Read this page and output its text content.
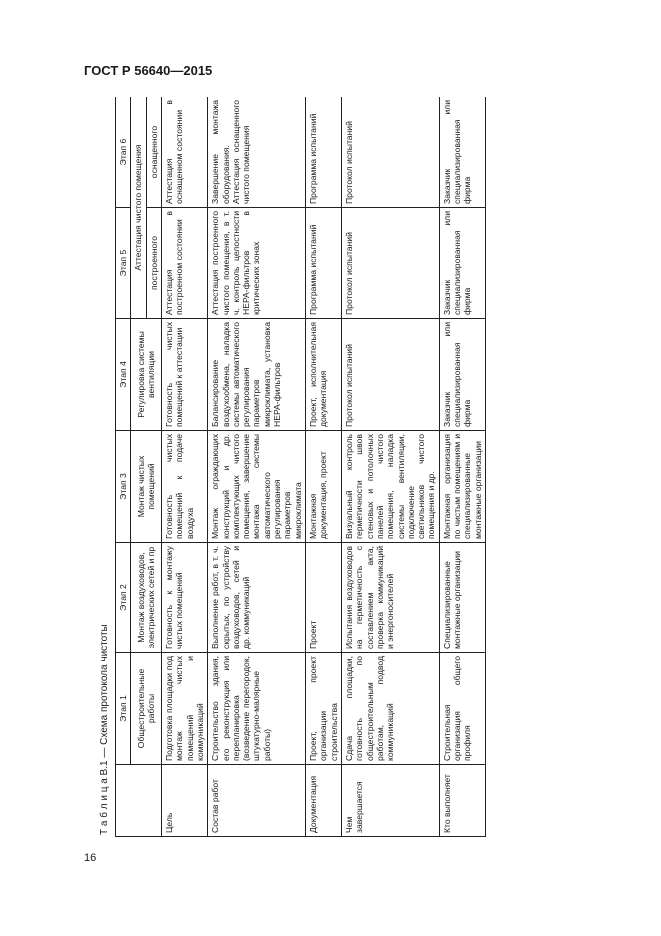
ГОСТ Р 56640—2015
Т а б л и ц а В.1 — Схема протокола чистоты
	Этап 1	Этап 2	Этап 3	Этап 4	Этап 5	Этап 6
	Общестроительные работы	Монтаж воздуховодов, электрических сетей и пр	Монтаж чистых помещений	Регулировка системы вентиляции	Аттестация чистого помещения	
					построенного	оснащенного
Цель	Подготовка площадки под монтаж чистых помещений и коммуникаций	Готовность к монтажу чистых помещений	Готовность чистых помещений к подаче воздуха	Готовность чистых помещений к аттестации	Аттестация в построенном состоянии	Аттестация в оснащенном состоянии
Состав работ	Строительство здания, его реконструкция или перепланировка (возведение перегородок, штукатурно-малярные работы)	Выполнение работ, в т. ч. скрытых, по устройству воздуховодов, сетей и др. коммуникаций	Монтаж ограждающих конструкций и др. комплектующих чистого помещения, завершение монтажа системы автоматического регулирования параметров микроклимата	Балансирование воздухообмена, наладка системы автоматического регулирования параметров микроклимата, установка HEPA-фильтров	Аттестация построенного чистого помещения, в т. ч. контроль целостности HEPA-фильтров в критических зонах	Завершение монтажа оборудования. Аттестация оснащенного чистого помещения
Документация	Проект, проект организации строительства	Проект	Монтажная документация, проект	Проект, исполнительная документация	Программа испытаний	Программа испытаний
Чем завершается	Сдача площадки, готовность по общестроительным работам, подвод коммуникаций	Испытания воздуховодов на герметичность с составлением акта, проверка коммуникаций и энергоносителей	Визуальный контроль герметичности швов стеновых и потолочных панелей чистого помещения, наладка системы вентиляции, подключение светильников чистого помещения и др.	Протокол испытаний	Протокол испытаний	Протокол испытаний
Кто выполняет	Строительная организация общего профиля	Специализированные монтажные организации	Монтажная организация по чистым помещениям и специализированные монтажные организации	Заказчик или специализированная фирма	Заказчик или специализированная фирма	Заказчик или специализированная фирма
16
